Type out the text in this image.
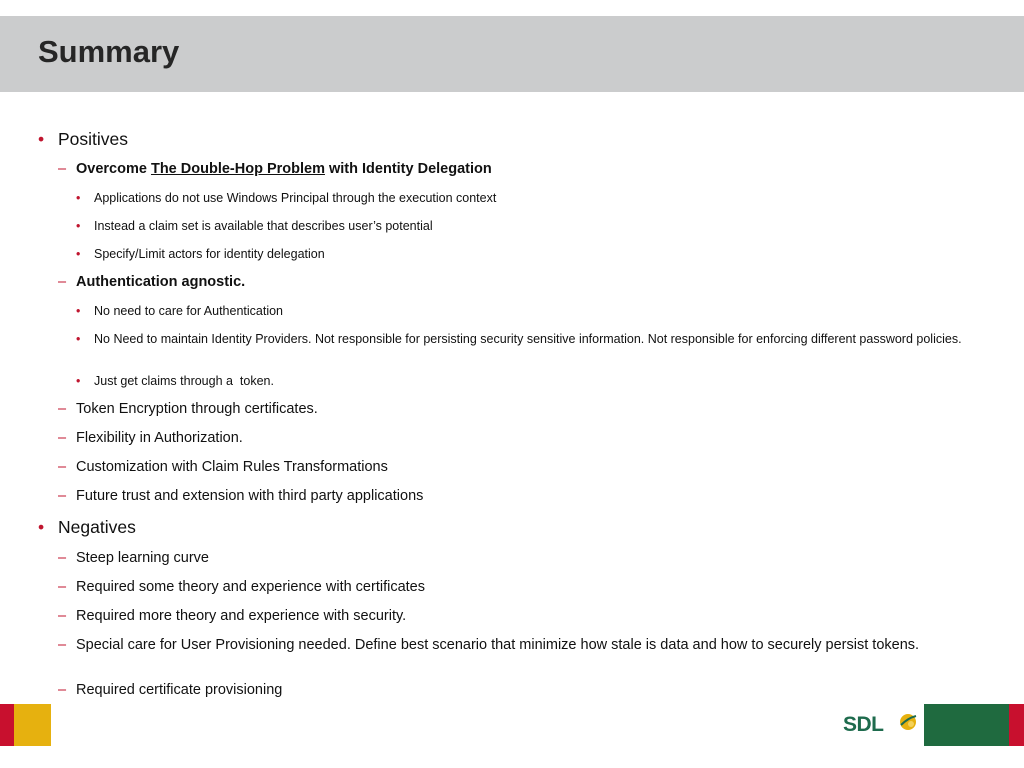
Summary
• Positives
– Overcome The Double-Hop Problem with Identity Delegation
• Applications do not use Windows Principal through the execution context
• Instead a claim set is available that describes user’s potential
• Specify/Limit actors for identity delegation
– Authentication agnostic.
• No need to care for Authentication
• No Need to maintain Identity Providers. Not responsible for persisting security sensitive information. Not responsible for enforcing different password policies.
• Just get claims through a  token.
– Token Encryption through certificates.
– Flexibility in Authorization.
– Customization with Claim Rules Transformations
– Future trust and extension with third party applications
• Negatives
– Steep learning curve
– Required some theory and experience with certificates
– Required more theory and experience with security.
– Special care for User Provisioning needed. Define best scenario that minimize how stale is data and how to securely persist tokens.
– Required certificate provisioning
SDL
